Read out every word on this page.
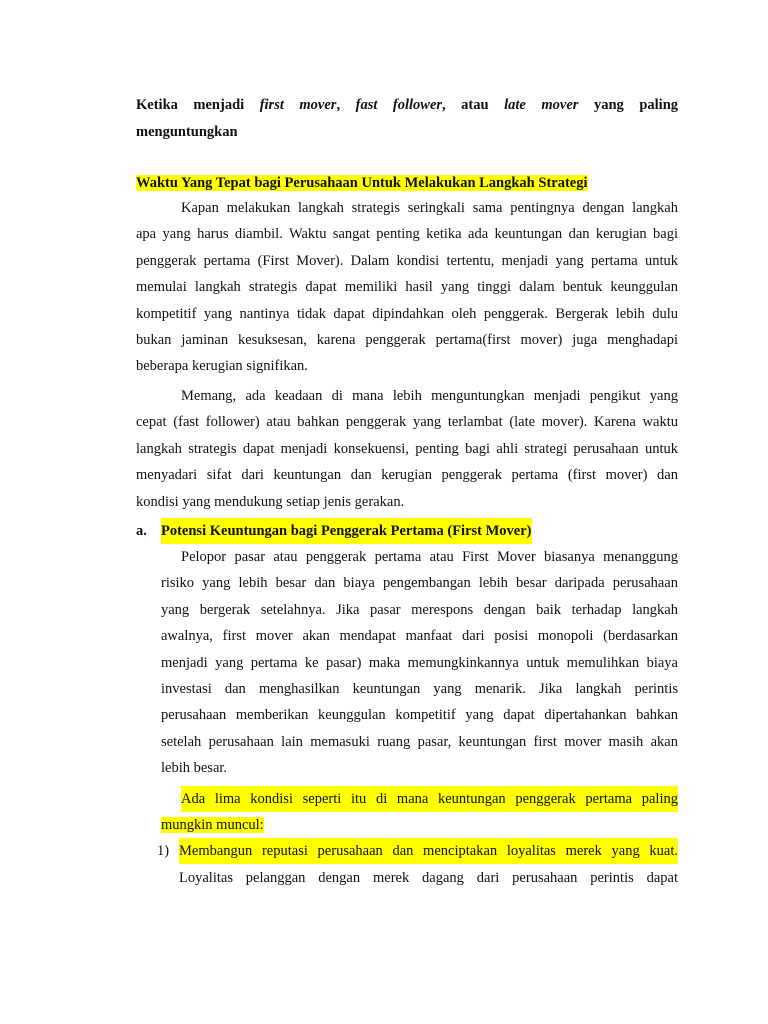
Ketika menjadi first mover, fast follower, atau late mover yang paling
menguntungkan
Waktu Yang Tepat bagi Perusahaan Untuk Melakukan Langkah Strategi
Kapan melakukan langkah strategis seringkali sama pentingnya dengan langkah
apa yang harus diambil. Waktu sangat penting ketika ada keuntungan dan kerugian bagi
penggerak pertama (First Mover). Dalam kondisi tertentu, menjadi yang pertama untuk
memulai langkah strategis dapat memiliki hasil yang tinggi dalam bentuk keunggulan
kompetitif yang nantinya tidak dapat dipindahkan oleh penggerak. Bergerak lebih dulu
bukan jaminan kesuksesan, karena penggerak pertama(first mover) juga menghadapi
beberapa kerugian signifikan.
Memang, ada keadaan di mana lebih menguntungkan menjadi pengikut yang
cepat (fast follower) atau bahkan penggerak yang terlambat (late mover). Karena waktu
langkah strategis dapat menjadi konsekuensi, penting bagi ahli strategi perusahaan untuk
menyadari sifat dari keuntungan dan kerugian penggerak pertama (first mover) dan
kondisi yang mendukung setiap jenis gerakan.
a. Potensi Keuntungan bagi Penggerak Pertama (First Mover)
Pelopor pasar atau penggerak pertama atau First Mover biasanya menanggung
risiko yang lebih besar dan biaya pengembangan lebih besar daripada perusahaan
yang bergerak setelahnya. Jika pasar merespons dengan baik terhadap langkah
awalnya, first mover akan mendapat manfaat dari posisi monopoli (berdasarkan
menjadi yang pertama ke pasar) maka memungkinkannya untuk memulihkan biaya
investasi dan menghasilkan keuntungan yang menarik. Jika langkah perintis
perusahaan memberikan keunggulan kompetitif yang dapat dipertahankan bahkan
setelah perusahaan lain memasuki ruang pasar, keuntungan first mover masih akan
lebih besar.
Ada lima kondisi seperti itu di mana keuntungan penggerak pertama paling
mungkin muncul:
1) Membangun reputasi perusahaan dan menciptakan loyalitas merek yang kuat.
Loyalitas pelanggan dengan merek dagang dari perusahaan perintis dapat
